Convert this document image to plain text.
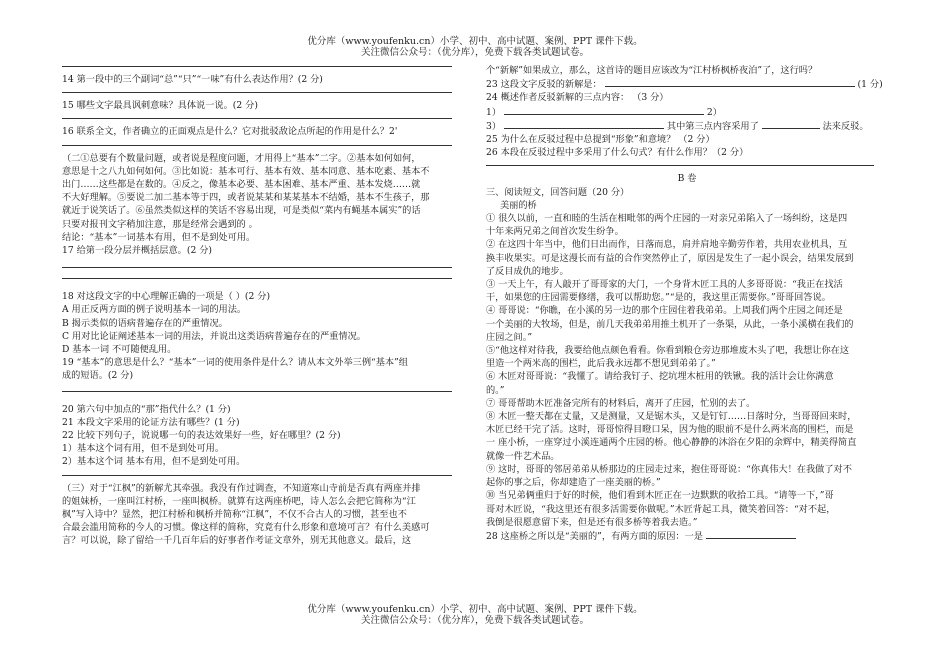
优分库（www.youfenku.cn）小学、初中、高中试题、案例、PPT 课件下载。
关注微信公众号：（优分库），免费下载各类试题试卷。
14 第一段中的三个副词“总”“只”“一味”有什么表达作用？(2 分)
15 哪些文字最具讽刺意味？具体说一说。(2 分)
16 联系全文，作者确立的正面观点是什么？它对批驳敌论点所起的作用是什么？2'
（二①总要有个数量问题，或者说是程度问题，才用得上“基本”二字。②基本如何如何，
意思是十之八九如何如何。③比如说：基本可行、基本有效、基本同意、基本吃素、基本不
出门……这些都是在数的。④反之，像基本必要、基本困难、基本严重、基本发烧……就
不大好理解。⑤要说二加二基本等于四，或者说某某和某某基本不结婚，基本不生孩子，那
就近于说笑话了。⑥虽然类似这样的笑话不容易出现，可是类似“菜内有蝇基本属实”的话
只要对报刊文字稍加注意，那是经常会遇到的 。
结论：“基本”一词基本有用，但不是到处可用。
17 给第一段分层并概括层意。(2 分)
18 对这段文字的中心理解正确的一项是（ ）(2 分)
A 用正反两方面的例子说明基本一词的用法。
B 揭示类似的语病普遍存在的严重情况。
C 用对比论证阐述基本一词的用法，并说出这类语病普遍存在的严重情况。
D 基本一词 不可随便乱用。
19 “基本”的意思是什么？“基本”一词的使用条件是什么？请从本文外举三例“基本”组
成的短语。(2 分)
20 第六句中加点的“那”指代什么？(1 分)
21 本段文字采用的论证方法有哪些？(1 分)
22 比较下列句子，说说哪一句的表达效果好一些，好在哪里？(2 分)
1）基本这个词有用，但不是到处可用。
2）基本这个词 基本有用，但不是到处可用。
（三）对于“江枫”的新解尤其牵强。我没有作过调查，不知道寒山寺前是否真有两座并排
的姐妹桥，一座叫江村桥，一座叫枫桥。就算有这两座桥吧，诗人怎么会把它简称为“江
枫”写入诗中？显然，把江村桥和枫桥并简称“江枫”，不仅不合古人的习惯，甚至也不
合最会滥用简称的今人的习惯。像这样的简称，究竟有什么形象和意境可言？有什么美感可
言？可以说，除了留给一千几百年后的好事者作考证文章外，别无其他意义。最后，这
个“新解”如果成立，那么，这首诗的题目应该改为“江村桥枫桥夜泊”了，这行吗？
23 这段文字反驳的新解是：	(1 分)
24 概述作者反驳新解的三点内容： （3 分）
1）	2）
3）	其中第三点内容采用了	法来反驳。
25 为什么在反驳过程中总提到“形象”和意境？ （2 分）
26 本段在反驳过程中多采用了什么句式？有什么作用？（2 分）
B 卷
三、阅读短文，回答问题（20 分）
美丽的桥
① 很久以前，一直和睦的生活在相毗邻的两个庄园的一对亲兄弟陷入了一场纠纷，这是四
十年来两兄弟之间首次发生纷争。
② 在这四十年当中，他们日出而作，日落而息，肩并肩地辛勤劳作着，共用农业机具，互
换丰收果实。可是这漫长而有益的合作突然停止了，原因是发生了一起小误会，结果发展到
了反目成仇的地步。
③ 一天上午，有人敲开了哥哥家的大门，一个身背木匠工具的人多哥哥说：“我正在找活
干，如果您的庄园需要修缮，我可以帮助您。”“是的，我这里正需要你。”哥哥回答说。
④ 哥哥说：“你瞧，在小溪的另一边的那个庄园住着我弟弟。上周我们两个庄园之间还是
一个美丽的大牧场，但是，前几天我弟弟用推土机开了一条渠，从此，一条小溪横在我们的
庄园之间。”
⑤“他这样对待我，我要给他点颜色看看。你看到粮仓旁边那堆废木头了吧，我想让你在这
里造一个两米高的围栏，此后我永远都不想见到弟弟了。”
⑥ 木匠对哥哥说：“我懂了。请给我钉子、挖坑埋木桩用的铁锹。我的活计会让你满意
的。”
⑦ 哥哥帮助木匠准备完所有的材料后，离开了庄园，忙别的去了。
⑧ 木匠一整天都在丈量，又是测量，又是锯木头，又是钉钉……日落时分，当哥哥回来时，
木匠已经干完了活。这时，哥哥惊得目瞪口呆，因为他的眼前不是什么两米高的围栏，而是
一 座小桥，一座穿过小溪连通两个庄园的桥。他心静静的沐浴在夕阳的余辉中，精美得简直
就像一件艺术品。
⑨ 这时，哥哥的邻居弟弟从桥那边的庄园走过来，抱住哥哥说：“你真伟大！在我做了对不
起你的事之后，你却建造了一座美丽的桥。”
⑩ 当兄弟俩重归于好的时候，他们看到木匠正在一边默默的收拾工具。“请等一下，”哥
哥对木匠说，“我这里还有很多活需要你做呢。”木匠背起工具，微笑着回答：“对不起，
我倒是很愿意留下来，但是还有很多桥等着我去造。”
28 这座桥之所以是“美丽的”，有两方面的原因：一是
优分库（www.youfenku.cn）小学、初中、高中试题、案例、PPT 课件下载。
关注微信公众号：（优分库），免费下载各类试题试卷。
